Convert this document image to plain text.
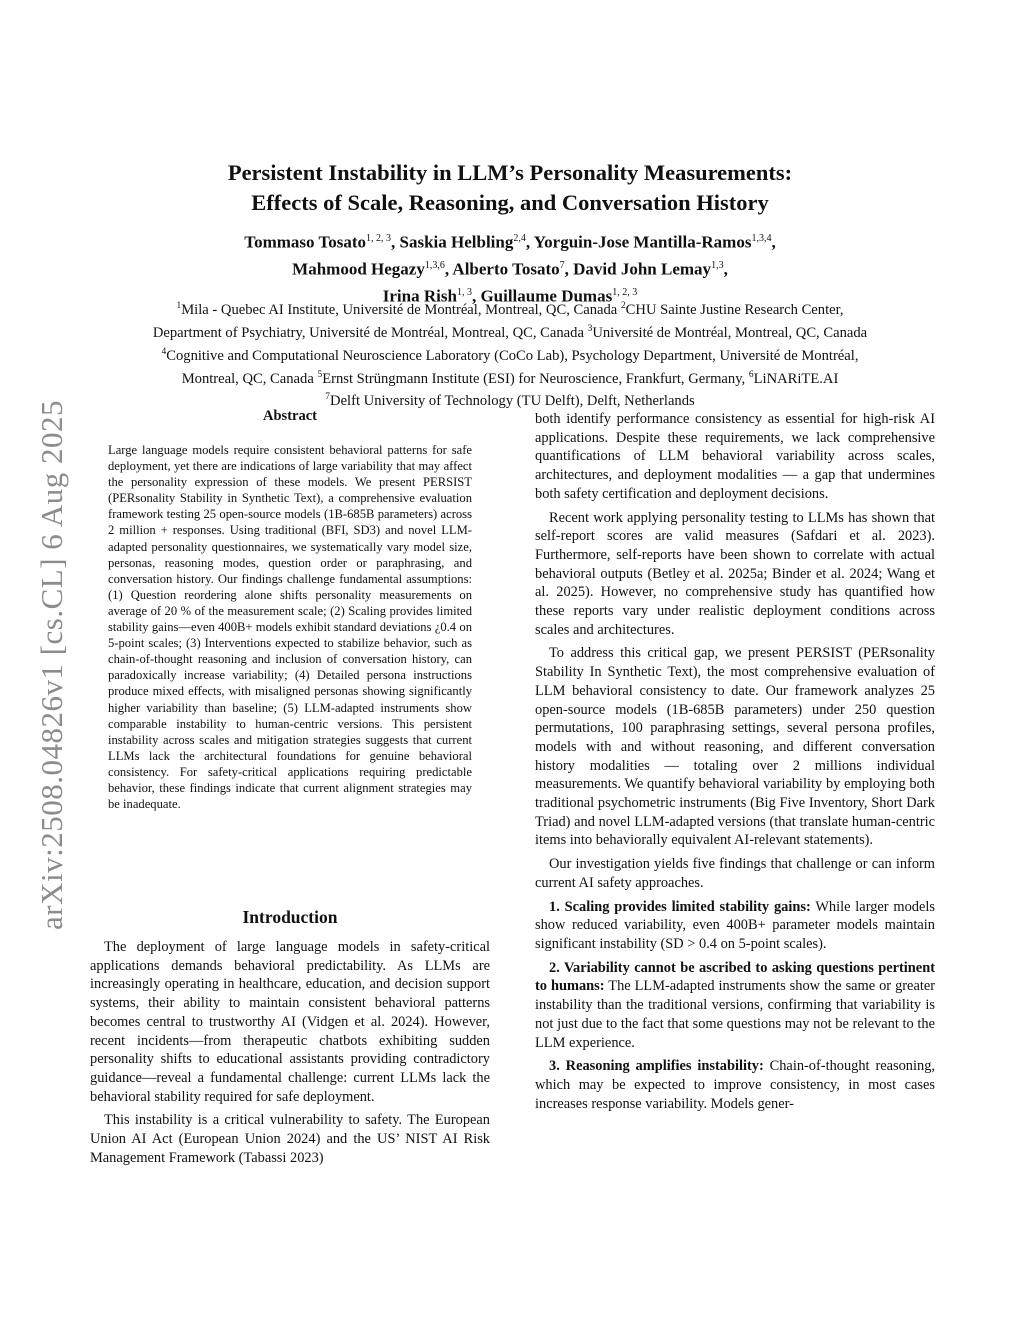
arXiv:2508.04826v1 [cs.CL] 6 Aug 2025
Persistent Instability in LLM’s Personality Measurements:
Effects of Scale, Reasoning, and Conversation History
Tommaso Tosato$^{1, 2, 3}$, Saskia Helbling$^{2,4}$, Yorguin-Jose Mantilla-Ramos$^{1,3,4}$,
Mahmood Hegazy$^{1,3,6}$, Alberto Tosato$^7$, David John Lemay$^{1,3}$,
Irina Rish$^{1, 3}$, Guillaume Dumas$^{1, 2, 3}$
$^1$Mila - Quebec AI Institute, Université de Montréal, Montreal, QC, Canada $^2$CHU Sainte Justine Research Center,
Department of Psychiatry, Université de Montréal, Montreal, QC, Canada $^3$Université de Montréal, Montreal, QC, Canada
$^4$Cognitive and Computational Neuroscience Laboratory (CoCo Lab), Psychology Department, Université de Montréal,
Montreal, QC, Canada $^5$Ernst Strüngmann Institute (ESI) for Neuroscience, Frankfurt, Germany, $^6$LiNARiTE.AI
$^7$Delft University of Technology (TU Delft), Delft, Netherlands
Abstract

Large language models require consistent behavioral patterns for safe deployment, yet there are indications of large variability that may affect the personality expression of these models. We present PERSIST (PERsonality Stability in Synthetic Text), a comprehensive evaluation framework testing 25 open-source models (1B-685B parameters) across 2 million + responses. Using traditional (BFI, SD3) and novel LLM-adapted personality questionnaires, we systematically vary model size, personas, reasoning modes, question order or paraphrasing, and conversation history. Our findings challenge fundamental assumptions: (1) Question reordering alone shifts personality measurements on average of 20 % of the measurement scale; (2) Scaling provides limited stability gains—even 400B+ models exhibit standard deviations ¿0.4 on 5-point scales; (3) Interventions expected to stabilize behavior, such as chain-of-thought reasoning and inclusion of conversation history, can paradoxically increase variability; (4) Detailed persona instructions produce mixed effects, with misaligned personas showing significantly higher variability than baseline; (5) LLM-adapted instruments show comparable instability to human-centric versions. This persistent instability across scales and mitigation strategies suggests that current LLMs lack the architectural foundations for genuine behavioral consistency. For safety-critical applications requiring predictable behavior, these findings indicate that current alignment strategies may be inadequate.

Introduction

The deployment of large language models in safety-critical applications demands behavioral predictability. As LLMs are increasingly operating in healthcare, education, and decision support systems, their ability to maintain consistent behavioral patterns becomes central to trustworthy AI (Vidgen et al. 2024). However, recent incidents—from therapeutic chatbots exhibiting sudden personality shifts to educational assistants providing contradictory guidance—reveal a fundamental challenge: current LLMs lack the behavioral stability required for safe deployment.

This instability is a critical vulnerability to safety. The European Union AI Act (European Union 2024) and the US’ NIST AI Risk Management Framework (Tabassi 2023)

both identify performance consistency as essential for high-risk AI applications. Despite these requirements, we lack comprehensive quantifications of LLM behavioral variability across scales, architectures, and deployment modalities — a gap that undermines both safety certification and deployment decisions.

Recent work applying personality testing to LLMs has shown that self-report scores are valid measures (Safdari et al. 2023). Furthermore, self-reports have been shown to correlate with actual behavioral outputs (Betley et al. 2025a; Binder et al. 2024; Wang et al. 2025). However, no comprehensive study has quantified how these reports vary under realistic deployment conditions across scales and architectures.

To address this critical gap, we present PERSIST (PERsonality Stability In Synthetic Text), the most comprehensive evaluation of LLM behavioral consistency to date. Our framework analyzes 25 open-source models (1B-685B parameters) under 250 question permutations, 100 paraphrasing settings, several persona profiles, models with and without reasoning, and different conversation history modalities — totaling over 2 millions individual measurements. We quantify behavioral variability by employing both traditional psychometric instruments (Big Five Inventory, Short Dark Triad) and novel LLM-adapted versions (that translate human-centric items into behaviorally equivalent AI-relevant statements).

Our investigation yields five findings that challenge or can inform current AI safety approaches.

1. Scaling provides limited stability gains: While larger models show reduced variability, even 400B+ parameter models maintain significant instability (SD > 0.4 on 5-point scales).

2. Variability cannot be ascribed to asking questions pertinent to humans: The LLM-adapted instruments show the same or greater instability than the traditional versions, confirming that variability is not just due to the fact that some questions may not be relevant to the LLM experience.

3. Reasoning amplifies instability: Chain-of-thought reasoning, which may be expected to improve consistency, in most cases increases response variability. Models gener-
